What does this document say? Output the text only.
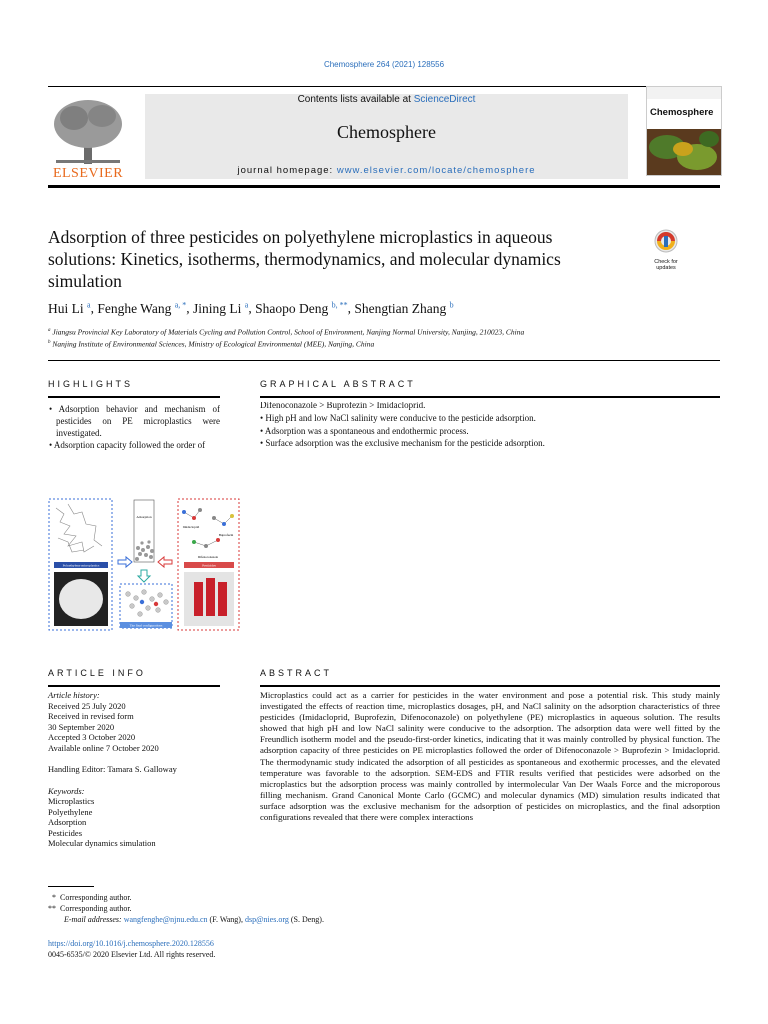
Chemosphere 264 (2021) 128556
ELSEVIER
Contents lists available at ScienceDirect
Chemosphere
journal homepage: www.elsevier.com/locate/chemosphere
Chemosphere
Adsorption of three pesticides on polyethylene microplastics in aqueous solutions: Kinetics, isotherms, thermodynamics, and molecular dynamics simulation
Check for
updates
Hui Li $^a$, Fenghe Wang $^{a, *}$, Jining Li $^a$, Shaopo Deng $^{b, **}$, Shengtian Zhang $^b$
$^a$ Jiangsu Provincial Key Laboratory of Materials Cycling and Pollution Control, School of Environment, Nanjing Normal University, Nanjing, 210023, China
$^b$ Nanjing Institute of Environmental Sciences, Ministry of Ecological Environmental (MEE), Nanjing, China
HIGHLIGHTS
• Adsorption behavior and mechanism of pesticides on PE microplastics were investigated.
• Adsorption capacity followed the order of
GRAPHICAL ABSTRACT
Difenoconazole > Buprofezin > Imidacloprid.
• High pH and low NaCl salinity were conducive to the pesticide adsorption.
• Adsorption was a spontaneous and endothermic process.
• Surface adsorption was the exclusive mechanism for the pesticide adsorption.
Polyethylene microplastics
Adsorption
The final configurations
Imidacloprid
Buprofezin
Difenoconazole
Pesticides
ARTICLE INFO
Article history:
Received 25 July 2020
Received in revised form
30 September 2020
Accepted 3 October 2020
Available online 7 October 2020
Handling Editor: Tamara S. Galloway
Keywords:
Microplastics
Polyethylene
Adsorption
Pesticides
Molecular dynamics simulation
ABSTRACT
Microplastics could act as a carrier for pesticides in the water environment and pose a potential risk. This study mainly investigated the effects of reaction time, microplastics dosages, pH, and NaCl salinity on the adsorption characteristics of three pesticides (Imidacloprid, Buprofezin, Difenoconazole) on polyethylene (PE) microplastics in aqueous solution. The results showed that high pH and low NaCl salinity were conducive to the adsorption. The adsorption data were well fitted by the Freundlich isotherm model and the pseudo-first-order kinetics, indicating that it was mainly controlled by physical function. The adsorption capacity of three pesticides on PE microplastics followed the order of Difenoconazole > Buprofezin > Imidacloprid. The thermodynamic study indicated the adsorption of all pesticides as spontaneous and exothermic processes, and the elevated temperature was favorable to the adsorption. SEM-EDS and FTIR results verified that pesticides were adsorbed on the microplastics but the adsorption process was mainly controlled by intermolecular Van Der Waals Force and the microporous filling mechanism. Grand Canonical Monte Carlo (GCMC) and molecular dynamics (MD) simulation results indicated that surface adsorption was the exclusive mechanism for the adsorption of pesticides on microplastics, and the final adsorption configurations revealed that there were complex interactions
* Corresponding author.
** Corresponding author.
E-mail addresses: wangfenghe@njnu.edu.cn (F. Wang), dsp@nies.org (S. Deng).
https://doi.org/10.1016/j.chemosphere.2020.128556
0045-6535/© 2020 Elsevier Ltd. All rights reserved.
